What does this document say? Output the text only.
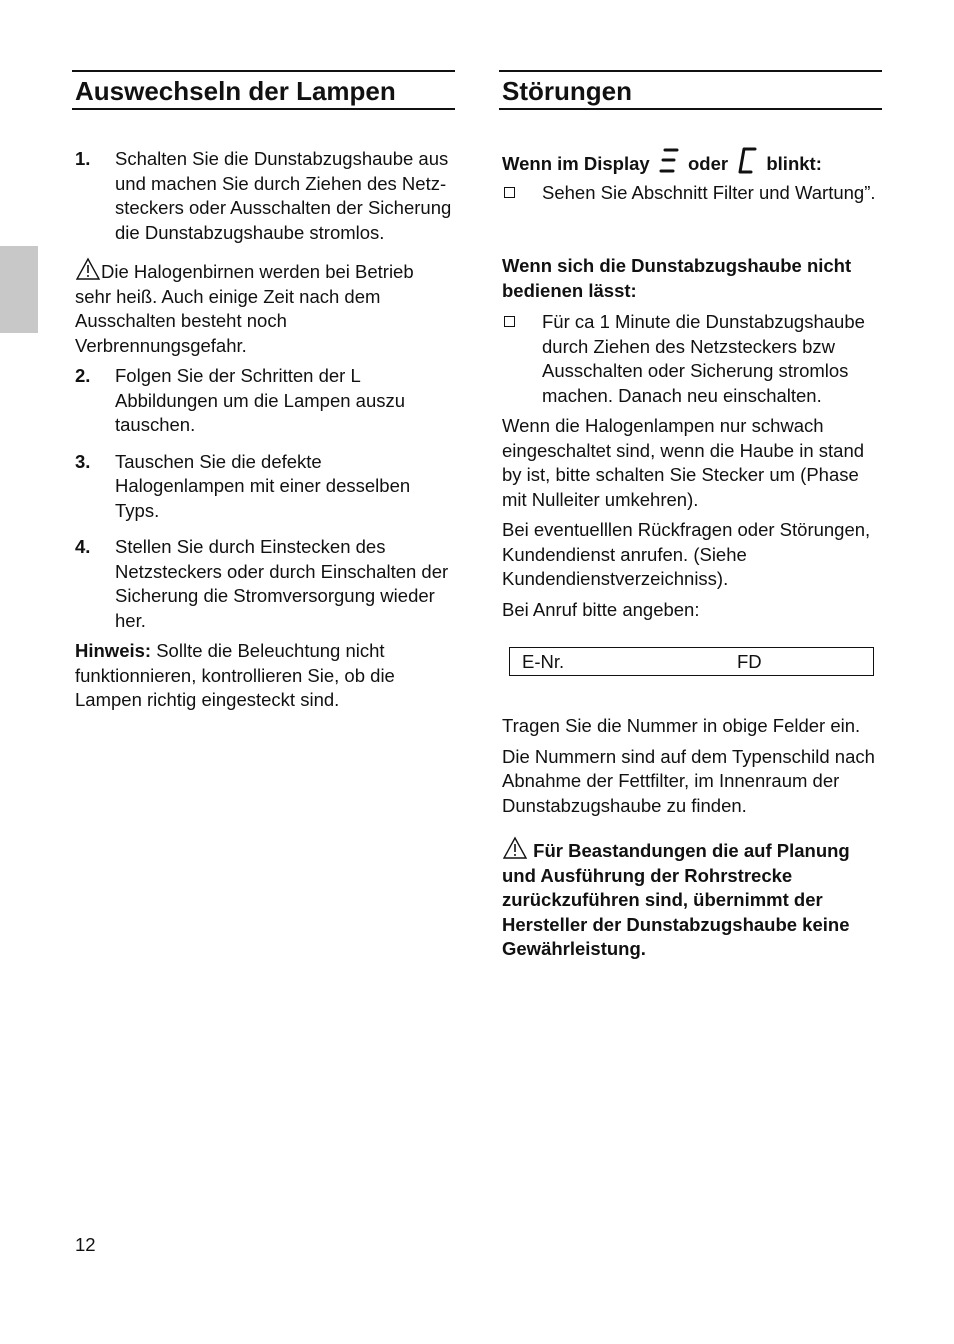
Auswechseln der Lampen
1. Schalten Sie die Dunstabzugshaube aus und machen Sie durch Ziehen des Netz-steckers oder Ausschalten der Sicherung die Dunstabzugshaube stromlos.

Die Halogenbirnen werden bei Betrieb sehr heiß. Auch einige Zeit nach dem Ausschalten besteht noch Verbrennungsgefahr.

2. Folgen Sie der Schritten der L Abbildungen um die Lampen auszu tauschen.
3. Tauschen Sie die defekte Halogenlampen mit einer desselben Typs.
4. Stellen Sie durch Einstecken des Netzsteckers oder durch Einschalten der Sicherung die Stromversorgung wieder her.

Hinweis: Sollte die Beleuchtung nicht funktionnieren, kontrollieren Sie, ob die Lampen richtig eingesteckt sind.

Störungen

Wenn im Display oder blinkt:

Sehen Sie Abschnitt Filter und Wartung”.

Wenn sich die Dunstabzugshaube nicht bedienen lässt:

Für ca 1 Minute die Dunstabzugshaube durch Ziehen des Netzsteckers bzw Ausschalten oder Sicherung stromlos machen. Danach neu einschalten.

Wenn die Halogenlampen nur schwach eingeschaltet sind, wenn die Haube in stand by ist, bitte schalten Sie Stecker um (Phase mit Nulleiter umkehren).

Bei eventuelllen Rückfragen oder Störungen, Kundendienst anrufen. (Siehe Kundendienstverzeichniss).

Bei Anruf bitte angeben:

E-Nr.	FD

Tragen Sie die Nummer in obige Felder ein.

Die Nummern sind auf dem Typenschild nach Abnahme der Fettfilter, im Innenraum der Dunstabzugshaube zu finden.

Für Beastandungen die auf Planung und Ausführung der Rohrstrecke zurückzuführen sind, übernimmt der Hersteller der Dunstabzugshaube keine Gewährleistung.

12
